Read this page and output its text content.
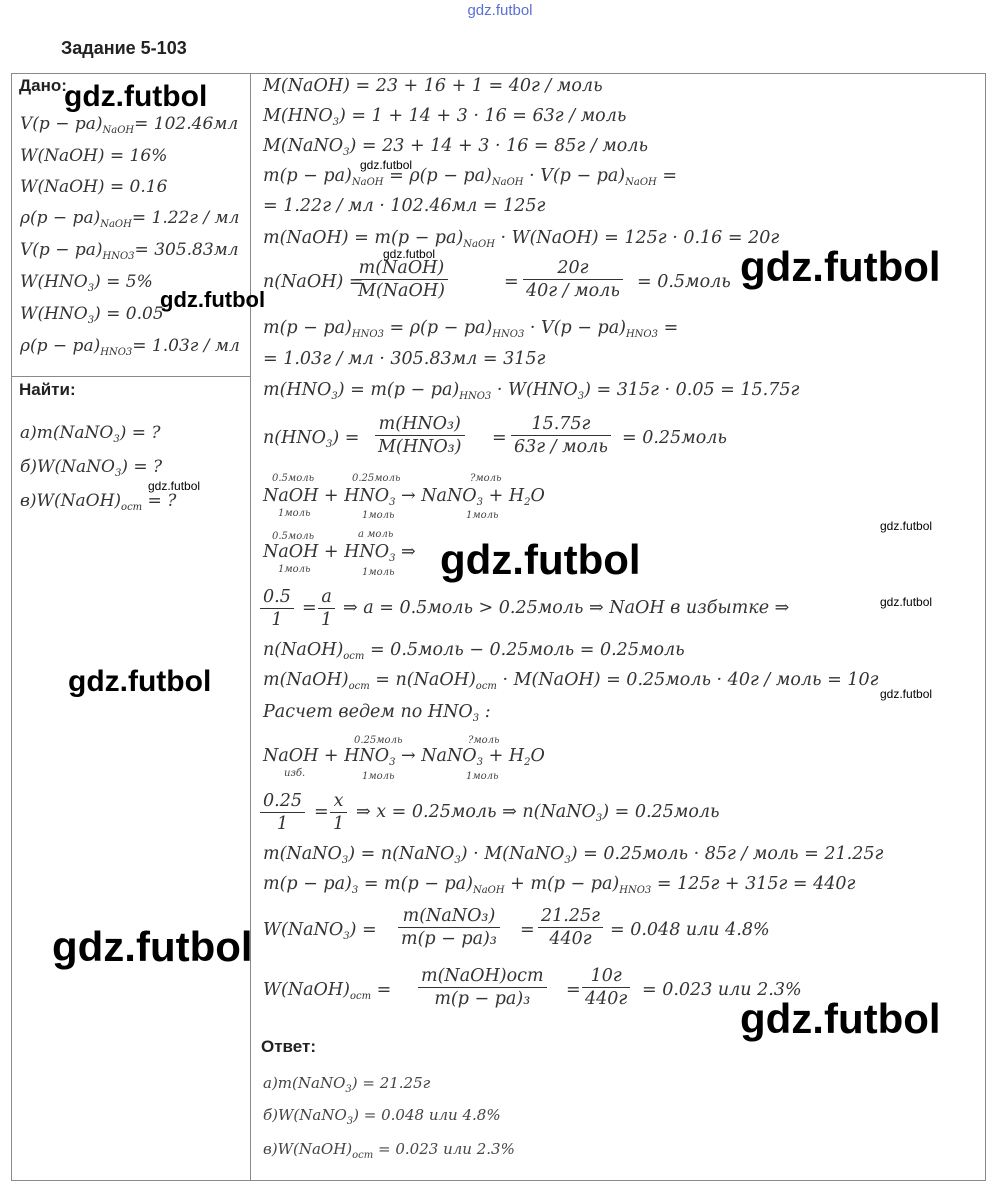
gdz.futbol
Задание 5-103
Дано:
$V(p - pa)_{NaOH}= 102.46мл$
W(NaOH) = 16%
W(NaOH) = 0.16
$\rho(p - pa)_{NaOH}= 1.22г$ / мл
$V(p - pa)_{HNO3}= 305.83мл$
$W(HNO_3) = 5\%$
$W(HNO_3) = 0.05$
$\rho(p - pa)_{HNO3}= 1.03г$ / мл
Найти:
а)m(NaNO$_3$) = ?
б)W(NaNO$_3$) = ?
$в)W(NaOH)_{ост}$ = ?
M(NaOH) = 23 + 16 + 1 = 40г / моль
$M(HNO_3) = 1 + 14 + 3 \cdot 16 = 63г$ / моль
M(NaNO$_3$) = 23 + 14 + 3 · 16 = 85г / моль
$m(p - pa)_{NaOH} = \rho(p - pa)_{NaOH} \cdot V(p - pa)_{NaOH}$ =
= 1.22г / мл · 102.46мл = 125г
m(NaOH) = $m(p - pa)_{NaOH}$ · W(NaOH) = 125г · 0.16 = 20г
n(NaOH) =
m(NaOH)
M(NaOH)	=
20г
40г / моль = 0.5моль
$m(p - pa)_{HNO3} = \rho(p - pa)_{HNO3} \cdot V(p - pa)_{HNO3}$ =
= 1.03г / мл · 305.83мл = 315г
$m(HNO_3) = m(p - pa)_{HNO3} \cdot W(HNO_3) = 315г \cdot 0.05 = 15.75г$
$n(HNO_3)$ =
m(HNO₃)
M(HNO₃) =
15.75г
63г / моль = 0.25моль
0.5моль	0.25моль	?моль
NaOH + $HNO_3$ → NaNO$_3$ + $H_2O$
1моль	1моль	1моль
0.5моль	a моль
NaOH + $HNO_3$ ⇒
1моль	1моль
$\frac{0.5}{1} = \frac{a}{1}$ ⇒ a = 0.5моль > 0.25моль ⇒ NaOH в избытке ⇒
$n(NaOH)_{ост}$ = 0.5моль − 0.25моль = 0.25моль
$m(NaOH)_{ост}$ = $n(NaOH)_{ост}$ · M(NaOH) = 0.25моль · 40г / моль = 10г
Расчет ведем по $HNO_3$ :
0.25моль	?моль
NaOH + $HNO_3$ → NaNO$_3$ + $H_2O$
изб.	1моль	1моль
$\frac{0.25}{1} = \frac{x}{1}$ ⇒ x = 0.25моль ⇒ n(NaNO$_3$) = 0.25моль
m(NaNO$_3$) = n(NaNO$_3$) · M(NaNO$_3$) = 0.25моль · 85г / моль = 21.25г
$m(p - pa)_3 = m(p - pa)_{NaOH} + m(p - pa)_{HNO3} = 125г + 315г = 440г$
W(NaNO$_3$) =
m(NaNO₃)
m(p − pa)₃ =
21.25г
440г	= 0.048 или 4.8%
$W(NaOH)_{ост}$ =
m(NaOH)ост
m(p − pa)₃	=
10г
440г = 0.023 или 2.3%
Ответ:
а)m(NaNO$_3$) = 21.25г
б)W(NaNO$_3$) = 0.048 или 4.8%
$в)W(NaOH)_{ост} = 0.023$ или 2.3%
gdz.futbol
gdz.futbol
gdz.futbol	gdz.futbol
gdz.futbol
gdz.futbol
gdz.futbol
gdz.futbol
gdz.futbol
gdz.futbol	gdz.futbol
gdz.futbol
gdz.futbol
